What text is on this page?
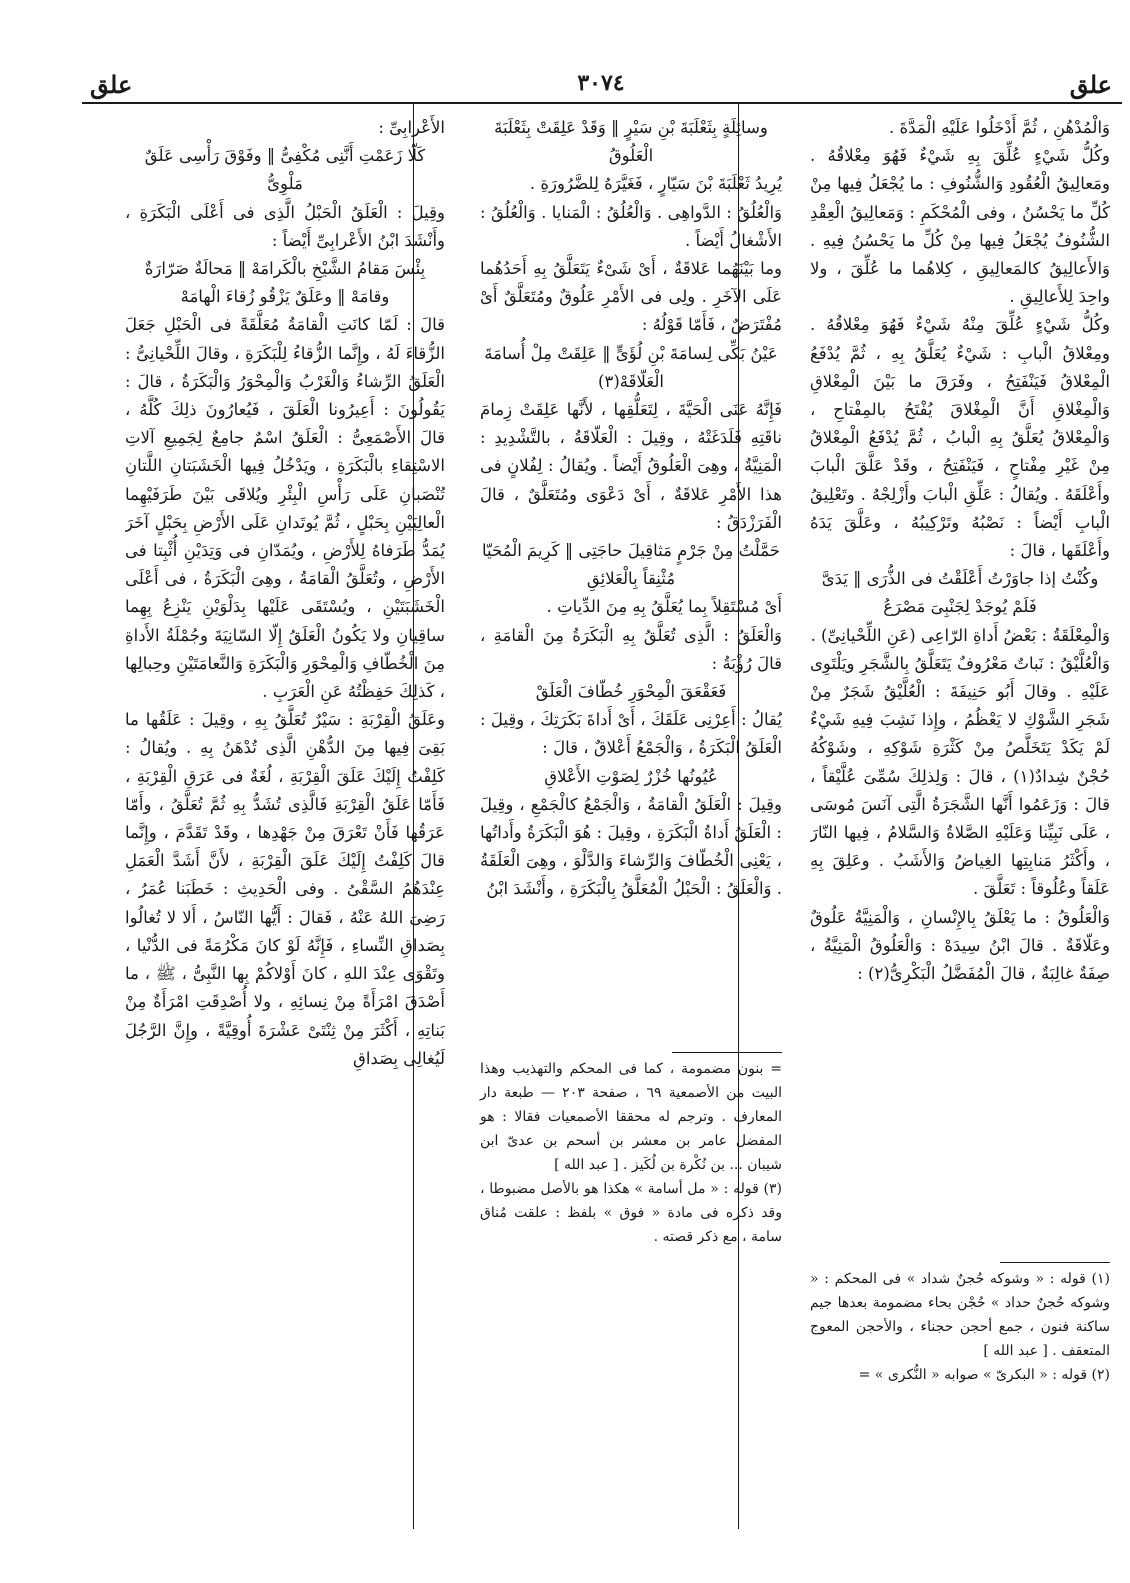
علق
٣٠٧٤
علق

وَالْمُدْهُنِ ، ثُمَّ أَدْخَلُوا عَلَيْهِ الْمَدَّةَ .

وكُلُّ شَيْءٍ عُلِّقَ بِهِ شَيْءٌ فَهُوَ مِعْلاقُهُ . ومَعالِيقُ الْعُقُودِ وَالشُّنُوفِ : ما يُجْعَلُ فِيها مِنْ كُلِّ ما يَحْسُنُ ، وفى الْمُحْكَمِ : وَمَعالِيقُ الْعِقْدِ الشُّنُوفُ يُجْعَلُ فِيها مِنْ كُلِّ ما يَحْسُنُ فِيهِ . وَالأَعالِيقُ كالمَعالِيقِ ، كِلاهُما ما عُلِّقَ ، ولا واحِدَ لِلأَعالِيقِ .

وكُلُّ شَيْءٍ عُلِّقَ مِنْهُ شَيْءٌ فَهُوَ مِعْلاقُهُ . ومِعْلاقُ الْبابِ : شَيْءٌ يُعَلَّقُ بِهِ ، ثُمَّ يُدْفَعُ الْمِعْلاقُ فَيَنْفَتِحُ ، وفَرَقَ ما بَيْنَ الْمِعْلاقِ وَالْمِغْلاقِ أَنَّ الْمِغْلاقَ يُفْتَحُ بالمِفْتاحِ ، وَالْمِعْلاقُ يُعَلَّقُ بِهِ الْبابُ ، ثُمَّ يُدْفَعُ الْمِعْلاقُ مِنْ غَيْرِ مِفْتاحٍ ، فَيَنْفَتِحُ ، وقَدْ عَلَّقَ الْبابَ وأَعْلَقَهُ . ويُقالُ : عَلِّقِ الْبابَ وأَزْلِجْهُ . وتَعْلِيقُ الْبابِ أَيْضاً : نَصْبُهُ وتَرْكِيبُهُ ، وعَلَّقَ يَدَهُ وأَعْلَقَها ، قالَ :

وكُنْتُ إذا جاوَرْتُ أَعْلَقْتُ فى الذُّرَى ‖ يَدَىَّ فَلَمْ يُوجَدْ لِجَنْبِىَ مَصْرَعُ

وَالْمِعْلَقَةُ : بَعْضُ أَداةِ الرّاعِى (عَنِ اللِّحْيانِىِّ) .

وَالْعُلَّيْقُ : نَباتٌ مَعْرُوفٌ يَتَعَلَّقُ بِالشَّجَرِ ويَلْتَوِى عَلَيْهِ . وقالَ أَبُو حَنِيفَةَ : الْعُلَّيْقُ شَجَرٌ مِنْ شَجَرِ الشَّوْكِ لا يَعْظُمُ ، وإِذا نَشِبَ فِيهِ شَيْءٌ لَمْ يَكَدْ يَتَخَلَّصُ مِنْ كَثْرَةِ شَوْكِهِ ، وشَوْكُهُ حُجْنٌ شِدادٌ(١) ، قالَ : وَلِذلِكَ سُمِّىَ عُلَّيْقاً ، قالَ : وَزَعَمُوا أَنَّها الشَّجَرَةُ الَّتِى آنَسَ مُوسَى ، عَلَى نَبِيِّنا وَعَلَيْهِ الصَّلاةُ وَالسَّلامُ ، فِيها النّارَ ، وأَكْثَرُ مَنابِتِها الغِياضُ وَالأَشَبُ . وعَلِقَ بِهِ عَلَقاً وعُلُوقاً : تَعَلَّقَ .

وَالْعَلُوقُ : ما يَعْلَقُ بِالإِنْسانِ ، وَالْمَنِيَّةُ عَلُوقٌ وعَلّاقَةٌ . قالَ ابْنُ سِيدَهْ : وَالْعَلُوقُ الْمَنِيَّةُ ، صِفَةٌ غالِبَةٌ ، قالَ الْمُفَضَّلُ الْبَكْرِىُّ(٢) :

وسائِلَةٍ بِثَعْلَبَةَ بْنِ سَيْرٍ ‖ وَقَدْ عَلِقَتْ بِثَعْلَبَةَ الْعَلُوقُ

يُرِيدُ ثَعْلَبَةَ بْنَ سَيّارٍ ، فَغَيَّرَهُ لِلضَّرُورَةِ .

وَالْعُلُقُ : الدَّواهِى . وَالْعُلُقُ : الْمَنايا . وَالْعُلُقُ : الأَشْغالُ أَيْضاً .

وما بَيْنَهُما عَلاقَةٌ ، أَىْ شَىْءٌ يَتَعَلَّقُ بِهِ أَحَدُهُما عَلَى الآخَرِ . ولِى فى الأَمْرِ عَلُوقٌ ومُتَعَلَّقٌ أَىْ مُفْتَرَضٌ ، فَأَمّا قَوْلُهُ :

عَيْنُ بَكِّى لِسامَةَ بْنِ لُؤَىٍّ ‖ عَلِقَتْ مِلْ أُسامَةَ الْعَلّاقَهْ(٣)

فَإِنَّهُ عَنَى الْحَيَّةَ ، لِتَعَلُّقِها ، لأَنَّها عَلِقَتْ زِمامَ ناقَتِهِ فَلَدَغَتْهُ ، وقِيلَ : الْعَلّاقَةُ ، بالتَّشْدِيدِ : الْمَنِيَّةُ ، وهِىَ الْعَلُوقُ أَيْضاً . ويُقالُ : لِفُلانٍ فى هذا الأَمْرِ عَلاقَةٌ ، أَىْ دَعْوَى ومُتَعَلَّقٌ ، قالَ الْفَرَزْدَقُ :

حَمَّلْتُ مِنْ جَرْمٍ مَثاقِيلَ حاجَتِى ‖ كَرِيمَ الْمُحَيّا مُثْنِقاً بِالْعَلائِقِ

أَىْ مُسْتَقِلاً بِما يُعَلَّقُ بِهِ مِنَ الدِّياتِ .

وَالْعَلَقُ : الَّذِى تُعَلَّقُ بِهِ الْبَكَرَةُ مِنَ الْقامَةِ ، قالَ رُؤْبَةُ :

فَعَقْعَقَ الْمِحْوَرِ خُطّافَ الْعَلَقْ

يُقالُ : أَعِرْنِى عَلَقَكَ ، أَىْ أَداةَ بَكَرَتِكَ ، وقِيلَ : الْعَلَقُ الْبَكَرَةُ ، وَالْجَمْعُ أَعْلاقٌ ، قالَ :

عُيُونُها خُزْرٌ لِصَوْتِ الأَعْلاقِ

وقِيلَ : الْعَلَقُ الْقامَةُ ، وَالْجَمْعُ كالْجَمْعِ ، وقِيلَ : الْعَلَقُ أَداةُ الْبَكَرَةِ ، وقِيلَ : هُوَ الْبَكَرَةُ وأَداتُها ، يَعْنِى الْخُطّافَ وَالرِّشاءَ وَالدَّلْوَ ، وهِىَ الْعَلَقَةُ . وَالْعَلَقُ : الْحَبْلُ الْمُعَلَّقُ بِالْبَكَرَةِ ، وأَنْشَدَ ابْنُ

الأَعْرابِىِّ :

كَلّا زَعَمْتِ أَنَّنِى مُكْفِىُّ ‖ وفَوْقَ رَأْسِى عَلَقٌ مَلْوِىُّ

وقِيلَ : الْعَلَقُ الْحَبْلُ الَّذِى فى أَعْلَى الْبَكَرَةِ ، وأَنْشَدَ ابْنُ الأَعْرابِىِّ أَيْضاً :

بِئْسَ مَقامُ الشَّيْخِ بالْكَرامَهْ ‖ مَحالَةٌ صَرّارَةٌ وقامَهْ ‖ وعَلَقٌ يَزْقُو زُقاءَ الْهامَهْ

قالَ : لَمّا كانَتِ الْقامَةُ مُعَلَّقَةً فى الْحَبْلِ جَعَلَ الزُّقاءَ لَهُ ، وإِنَّما الزُّقاءُ لِلْبَكَرَةِ ، وقالَ اللِّحْيانِىُّ : الْعَلَقُ الرِّشاءُ وَالْغَرْبُ وَالْمِحْوَرُ وَالْبَكَرَةُ ، قالَ : يَقُولُونَ : أَعِيرُونا الْعَلَقَ ، فَيُعارُونَ ذلِكَ كُلَّهُ ، قالَ الأَصْمَعِىُّ : الْعَلَقُ اسْمٌ جامِعٌ لِجَمِيعِ آلاتِ الاسْتِقاءِ بالْبَكَرَةِ ، ويَدْخُلُ فِيها الْخَشَبَتانِ اللَّتانِ تُنْصَبانِ عَلَى رَأْسِ الْبِئْرِ ويُلاقَى بَيْنَ طَرَفَيْهِما الْعالِيَيْنِ بِحَبْلٍ ، ثُمَّ يُوتَدانِ عَلَى الأَرْضِ بِحَبْلٍ آخَرَ يُمَدُّ طَرَفاهُ لِلأَرْضِ ، ويُمَدّانِ فى وَتِدَيْنِ أُثْبِتا فى الأَرْضِ ، وتُعَلَّقُ الْقامَةُ ، وهِىَ الْبَكَرَةُ ، فى أَعْلَى الْخَشَبَتَيْنِ ، ويُسْتَقَى عَلَيْها بِدَلْوَيْنِ يَنْزِعُ بِهِما ساقِيانِ ولا يَكُونُ الْعَلَقُ إِلّا السّانِيَةَ وجُمْلَةُ الأَداةِ مِنَ الْخُطّافِ وَالْمِحْوَرِ وَالْبَكَرَةِ وَالنَّعامَتَيْنِ وحِبالِها ، كَذلِكَ حَفِظْتُهُ عَنِ الْعَرَبِ .

وعَلَقُ الْقِرْبَةِ : سَيْرٌ تُعَلَّقُ بِهِ ، وقِيلَ : عَلَقُها ما بَقِىَ فِيها مِنَ الدُّهْنِ الَّذِى تُدْهَنُ بِهِ . ويُقالُ : كَلِفْتُ إِلَيْكَ عَلَقَ الْقِرْبَةِ ، لُغَةٌ فى عَرَقِ الْقِرْبَةِ ، فَأَمّا عَلَقُ الْقِرْبَةِ فَالَّذِى تُشَدُّ بِهِ ثُمَّ تُعَلَّقُ ، وأَمّا عَرَقُها فَأَنْ تَعْرَقَ مِنْ جَهْدِها ، وقَدْ تَقَدَّمَ ، وإِنَّما قالَ كَلِفْتُ إِلَيْكَ عَلَقَ الْقِرْبَةِ ، لأَنَّ أَشَدَّ الْعَمَلِ عِنْدَهُمُ السَّقْىُ . وفى الْحَدِيثِ : خَطَبَنا عُمَرُ ، رَضِىَ اللهُ عَنْهُ ، فَقالَ : أَيُّها النّاسُ ، أَلا لا تُغالُوا بِصَداقِ النِّساءِ ، فَإِنَّهُ لَوْ كانَ مَكْرُمَةً فى الدُّنْيا ، وتَقْوَى عِنْدَ اللهِ ، كانَ أَوْلاكُمْ بِها النَّبِىُّ ، ﷺ ، ما أَصْدَقَ امْرَأَةً مِنْ نِسائِهِ ، ولا أُصْدِقَتِ امْرَأَةٌ مِنْ بَناتِهِ ، أَكْثَرَ مِنْ ثِنْتَىْ عَشْرَةَ أُوقِيَّةً ، وإِنَّ الرَّجُلَ لَيُغالِى بِصَداقِ

(١) قوله : « وشوكه حُجنٌ شداد » فى المحكم : « وشوكه حُجنٌ حداد » حُجْن بحاء مضمومة بعدها جيم ساكنة فنون ، جمع أحجن حجناء ، والأحجن المعوج المتعقف . [ عبد الله ]

(٢) قوله : « البكرىّ » صوابه « النُّكرى » =

= بنون مضمومة ، كما فى المحكم والتهذيب وهذا البيت من الأصمعية ٦٩ ، صفحة ٢٠٣ — طبعة دار المعارف . وترجم له محققا الأصمعيات فقالا : هو المفضل عامر بن معشر بن أسحم بن عدىّ ابن شيبان ... بن نُكْرة بن لُكَيز . [ عبد الله ]

(٣) قوله : « مل أسامة » هكذا هو بالأصل مضبوطا ، وقد ذكره فى مادة « فوق » بلفظ : علقت مُناق سامة ، مع ذكر قصته .
